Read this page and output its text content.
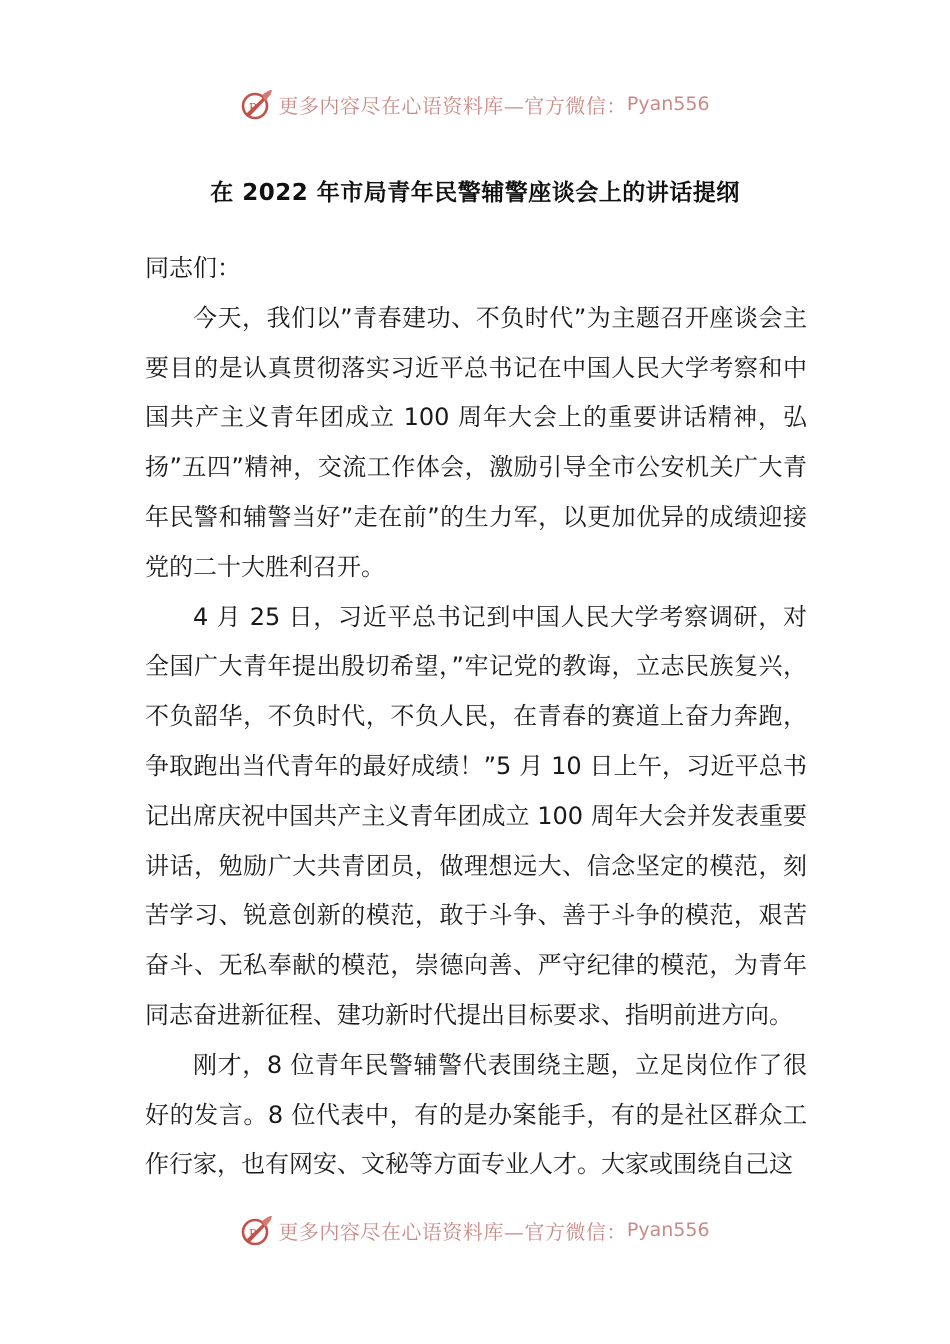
P 更多内容尽在心语资料库—官方微信： Pyan556
在 2022 年市局青年民警辅警座谈会上的讲话提纲

同志们：

今天，我们以”青春建功、不负时代”为主题召开座谈会主要目的是认真贯彻落实习近平总书记在中国人民大学考察和中国共产主义青年团成立 100 周年大会上的重要讲话精神，弘扬”五四”精神，交流工作体会，激励引导全市公安机关广大青年民警和辅警当好”走在前”的生力军，以更加优异的成绩迎接党的二十大胜利召开。

4 月 25 日，习近平总书记到中国人民大学考察调研，对全国广大青年提出殷切希望，”牢记党的教诲，立志民族复兴，不负韶华，不负时代，不负人民，在青春的赛道上奋力奔跑，争取跑出当代青年的最好成绩！”5 月 10 日上午，习近平总书记出席庆祝中国共产主义青年团成立 100 周年大会并发表重要讲话，勉励广大共青团员，做理想远大、信念坚定的模范，刻苦学习、锐意创新的模范，敢于斗争、善于斗争的模范，艰苦奋斗、无私奉献的模范，崇德向善、严守纪律的模范，为青年同志奋进新征程、建功新时代提出目标要求、指明前进方向。

刚才，8 位青年民警辅警代表围绕主题，立足岗位作了很好的发言。8 位代表中，有的是办案能手，有的是社区群众工作行家，也有网安、文秘等方面专业人才。大家或围绕自己这

P 更多内容尽在心语资料库—官方微信： Pyan556
